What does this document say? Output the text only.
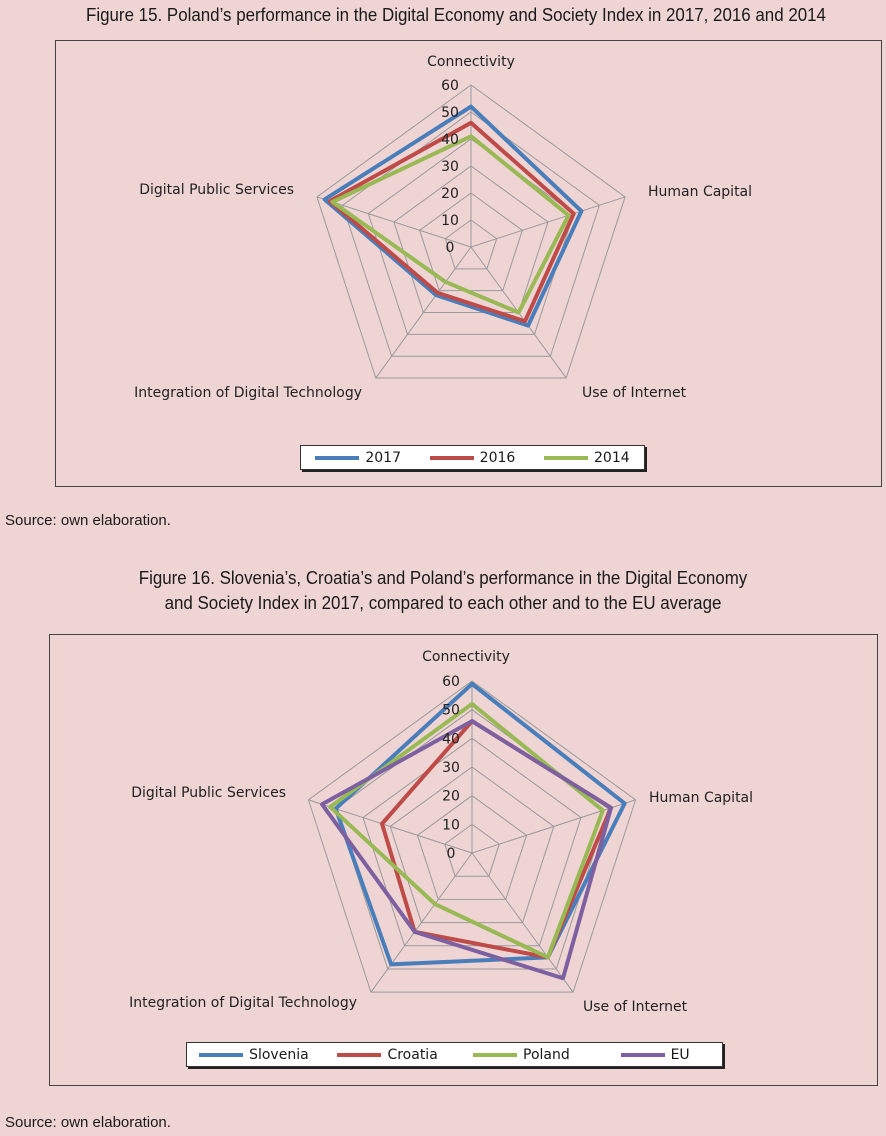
Figure 15. Poland’s performance in the Digital Economy and Society Index in 2017, 2016 and 2014
0
10
20
30
40
50
60
Connectivity
Human Capital
Use of Internet
Integration of Digital Technology
Digital Public Services
2017	2016	2014
Source: own elaboration.
Figure 16. Slovenia’s, Croatia’s and Poland’s performance in the Digital Economy
and Society Index in 2017, compared to each other and to the EU average
0
10
20
30
40
50
60
Connectivity
Human Capital
Use of Internet
Integration of Digital Technology
Digital Public Services
Slovenia	Croatia	Poland	EU
Source: own elaboration.
